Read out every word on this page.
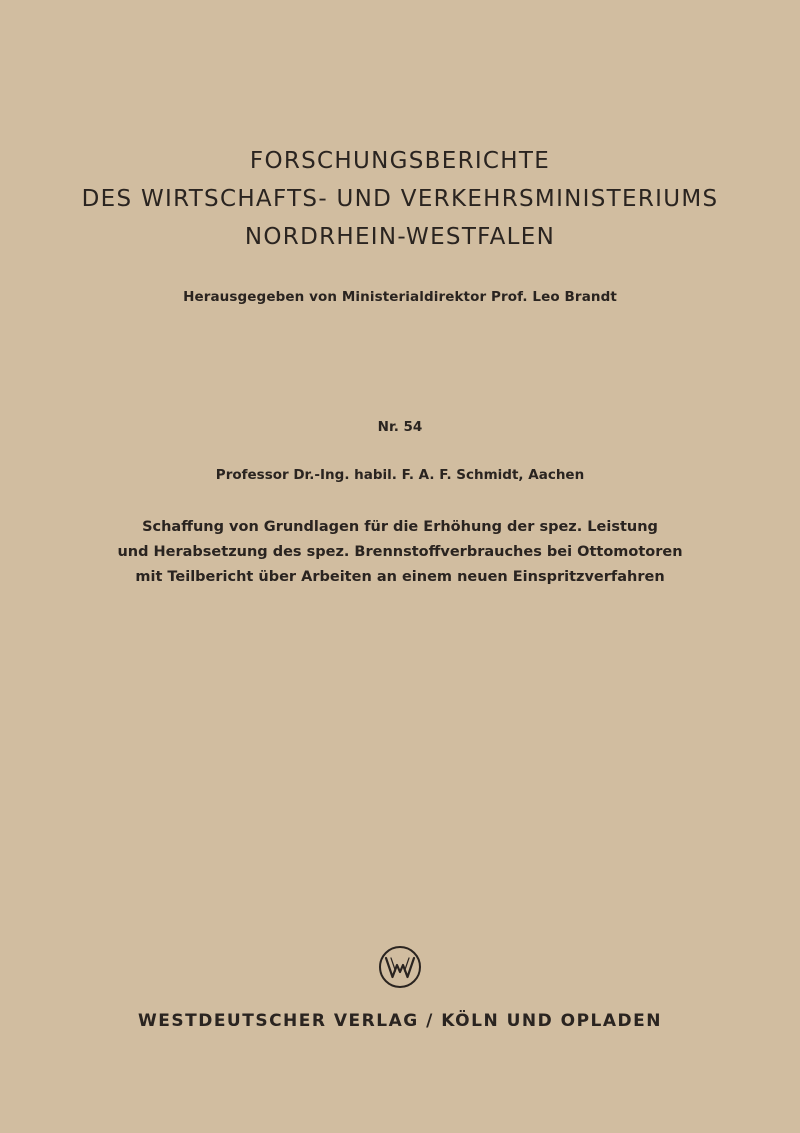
FORSCHUNGSBERICHTE
DES WIRTSCHAFTS- UND VERKEHRSMINISTERIUMS
NORDRHEIN-WESTFALEN
Herausgegeben von Ministerialdirektor Prof. Leo Brandt
Nr. 54
Professor Dr.-Ing. habil. F. A. F. Schmidt, Aachen
Schaffung von Grundlagen für die Erhöhung der spez. Leistung
und Herabsetzung des spez. Brennstoffverbrauches bei Ottomotoren
mit Teilbericht über Arbeiten an einem neuen Einspritzverfahren
WESTDEUTSCHER VERLAG / KÖLN UND OPLADEN
